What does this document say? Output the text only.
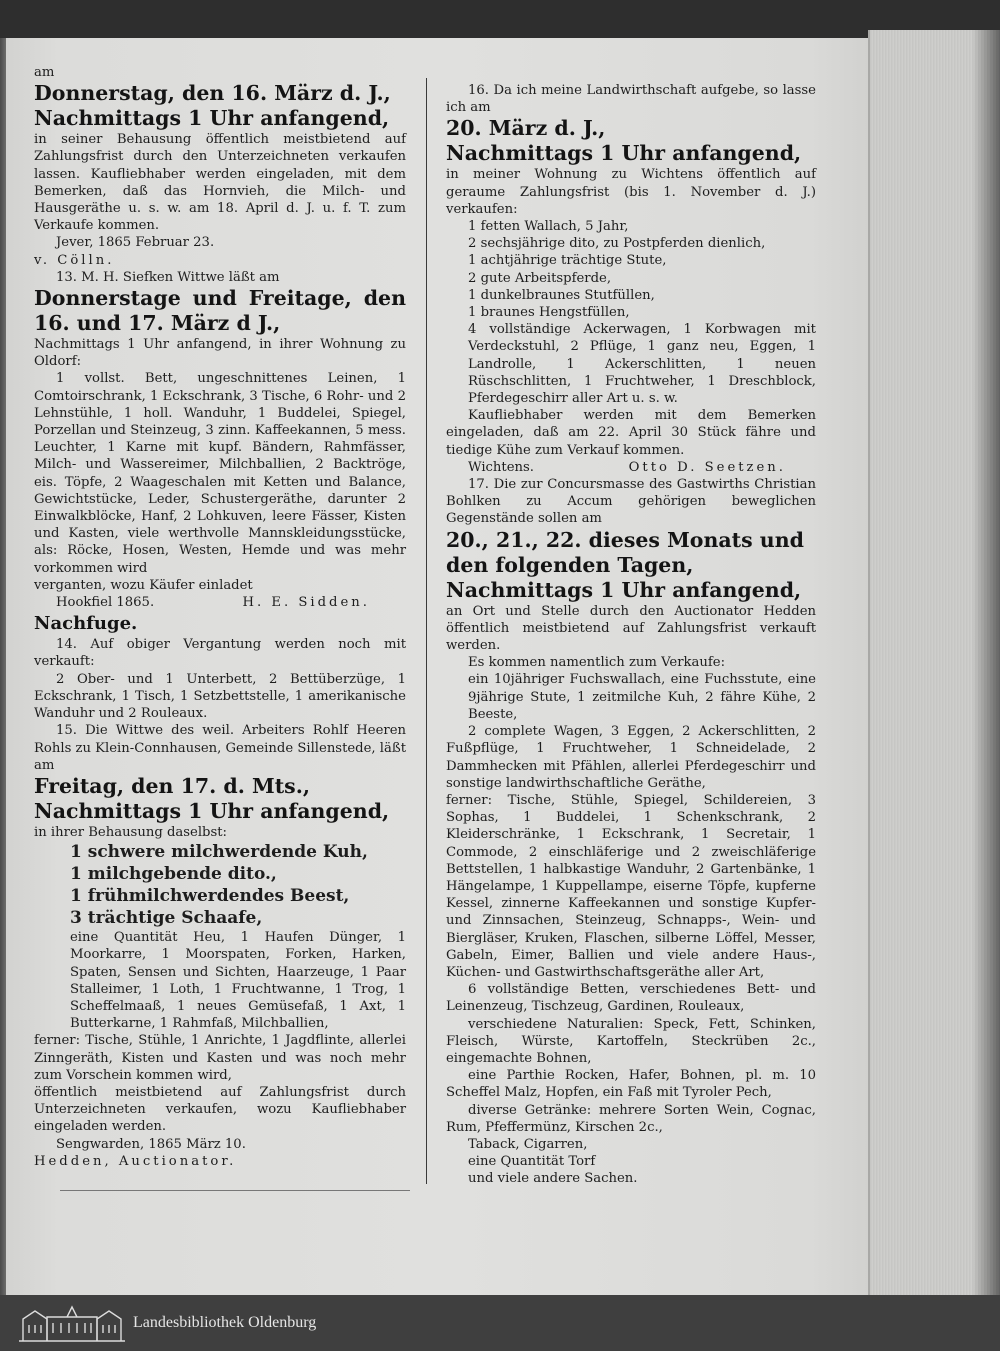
am

Donnerstag, den 16. März d. J.,

Nachmittags 1 Uhr anfangend,

in seiner Behausung öffentlich meistbietend auf Zahlungsfrist durch den Unterzeichneten verkaufen lassen. Kaufliebhaber werden eingeladen, mit dem Bemerken, daß das Hornvieh, die Milch- und Hausgeräthe u. s. w. am 18. April d. J. u. f. T. zum Verkaufe kommen.

Jever, 1865 Februar 23.

v. Cölln.

13. M. H. Siefken Wittwe läßt am

Donnerstage und Freitage, den 16. und 17. März d J.,

Nachmittags 1 Uhr anfangend, in ihrer Wohnung zu Oldorf:

1 vollst. Bett, ungeschnittenes Leinen, 1 Comtoirschrank, 1 Eckschrank, 3 Tische, 6 Rohr- und 2 Lehnstühle, 1 holl. Wanduhr, 1 Buddelei, Spiegel, Porzellan und Steinzeug, 3 zinn. Kaffeekannen, 5 mess. Leuchter, 1 Karne mit kupf. Bändern, Rahmfässer, Milch- und Wassereimer, Milchballien, 2 Backtröge, eis. Töpfe, 2 Waageschalen mit Ketten und Balance, Gewichtstücke, Leder, Schustergeräthe, darunter 2 Einwalkblöcke, Hanf, 2 Lohkuven, leere Fässer, Kisten und Kasten, viele werthvolle Mannskleidungsstücke, als: Röcke, Hosen, Westen, Hemde und was mehr vorkommen wird

verganten, wozu Käufer einladet

Hookfiel 1865.	H. E. Sidden.

Nachfuge.

14. Auf obiger Vergantung werden noch mit verkauft:

2 Ober- und 1 Unterbett, 2 Bettüberzüge, 1 Eckschrank, 1 Tisch, 1 Setzbettstelle, 1 amerikanische Wanduhr und 2 Rouleaux.

15. Die Wittwe des weil. Arbeiters Rohlf Heeren Rohls zu Klein-Connhausen, Gemeinde Sillenstede, läßt am

Freitag, den 17. d. Mts., Nachmittags 1 Uhr anfangend,

in ihrer Behausung daselbst:

1 schwere milchwerdende Kuh,

1 milchgebende dito.,

1 frühmilchwerdendes Beest,

3 trächtige Schaafe,

eine Quantität Heu, 1 Haufen Dünger, 1 Moorkarre, 1 Moorspaten, Forken, Harken, Spaten, Sensen und Sichten, Haarzeuge, 1 Paar Stalleimer, 1 Loth, 1 Fruchtwanne, 1 Trog, 1 Scheffelmaaß, 1 neues Gemüsefaß, 1 Axt, 1 Butterkarne, 1 Rahmfaß, Milchballien,

ferner: Tische, Stühle, 1 Anrichte, 1 Jagdflinte, allerlei Zinngeräth, Kisten und Kasten und was noch mehr zum Vorschein kommen wird,

öffentlich meistbietend auf Zahlungsfrist durch Unterzeichneten verkaufen, wozu Kaufliebhaber eingeladen werden.

Sengwarden, 1865 März 10.

Hedden, Auctionator.

16. Da ich meine Landwirthschaft aufgebe, so lasse ich am

20. März d. J.,

Nachmittags 1 Uhr anfangend,

in meiner Wohnung zu Wichtens öffentlich auf geraume Zahlungsfrist (bis 1. November d. J.) verkaufen:

1 fetten Wallach, 5 Jahr,

2 sechsjährige dito, zu Postpferden dienlich,

1 achtjährige trächtige Stute,

2 gute Arbeitspferde,

1 dunkelbraunes Stutfüllen,

1 braunes Hengstfüllen,

4 vollständige Ackerwagen, 1 Korbwagen mit Verdeckstuhl, 2 Pflüge, 1 ganz neu, Eggen, 1 Landrolle, 1 Ackerschlitten, 1 neuen Rüschschlitten, 1 Fruchtweher, 1 Dreschblock, Pferdegeschirr aller Art u. s. w.

Kaufliebhaber werden mit dem Bemerken eingeladen, daß am 22. April 30 Stück fähre und tiedige Kühe zum Verkauf kommen.

Wichtens.	Otto D. Seetzen.

17. Die zur Concursmasse des Gastwirths Christian Bohlken zu Accum gehörigen beweglichen Gegenstände sollen am

20., 21., 22. dieses Monats und den folgenden Tagen, Nachmittags 1 Uhr anfangend,

an Ort und Stelle durch den Auctionator Hedden öffentlich meistbietend auf Zahlungsfrist verkauft werden.

Es kommen namentlich zum Verkaufe:

ein 10jähriger Fuchswallach, eine Fuchsstute, eine 9jährige Stute, 1 zeitmilche Kuh, 2 fähre Kühe, 2 Beeste,

2 complete Wagen, 3 Eggen, 2 Ackerschlitten, 2 Fußpflüge, 1 Fruchtweher, 1 Schneidelade, 2 Dammhecken mit Pfählen, allerlei Pferdegeschirr und sonstige landwirthschaftliche Geräthe,

ferner: Tische, Stühle, Spiegel, Schildereien, 3 Sophas, 1 Buddelei, 1 Schenkschrank, 2 Kleiderschränke, 1 Eckschrank, 1 Secretair, 1 Commode, 2 einschläferige und 2 zweischläferige Bettstellen, 1 halbkastige Wanduhr, 2 Gartenbänke, 1 Hängelampe, 1 Kuppellampe, eiserne Töpfe, kupferne Kessel, zinnerne Kaffeekannen und sonstige Kupfer- und Zinnsachen, Steinzeug, Schnapps-, Wein- und Biergläser, Kruken, Flaschen, silberne Löffel, Messer, Gabeln, Eimer, Ballien und viele andere Haus-, Küchen- und Gastwirthschaftsgeräthe aller Art,

6 vollständige Betten, verschiedenes Bett- und Leinenzeug, Tischzeug, Gardinen, Rouleaux,

verschiedene Naturalien: Speck, Fett, Schinken, Fleisch, Würste, Kartoffeln, Steckrüben 2c., eingemachte Bohnen,

eine Parthie Rocken, Hafer, Bohnen, pl. m. 10 Scheffel Malz, Hopfen, ein Faß mit Tyroler Pech,

diverse Getränke: mehrere Sorten Wein, Cognac, Rum, Pfeffermünz, Kirschen 2c.,

Taback, Cigarren,

eine Quantität Torf

und viele andere Sachen.

Landesbibliothek Oldenburg
